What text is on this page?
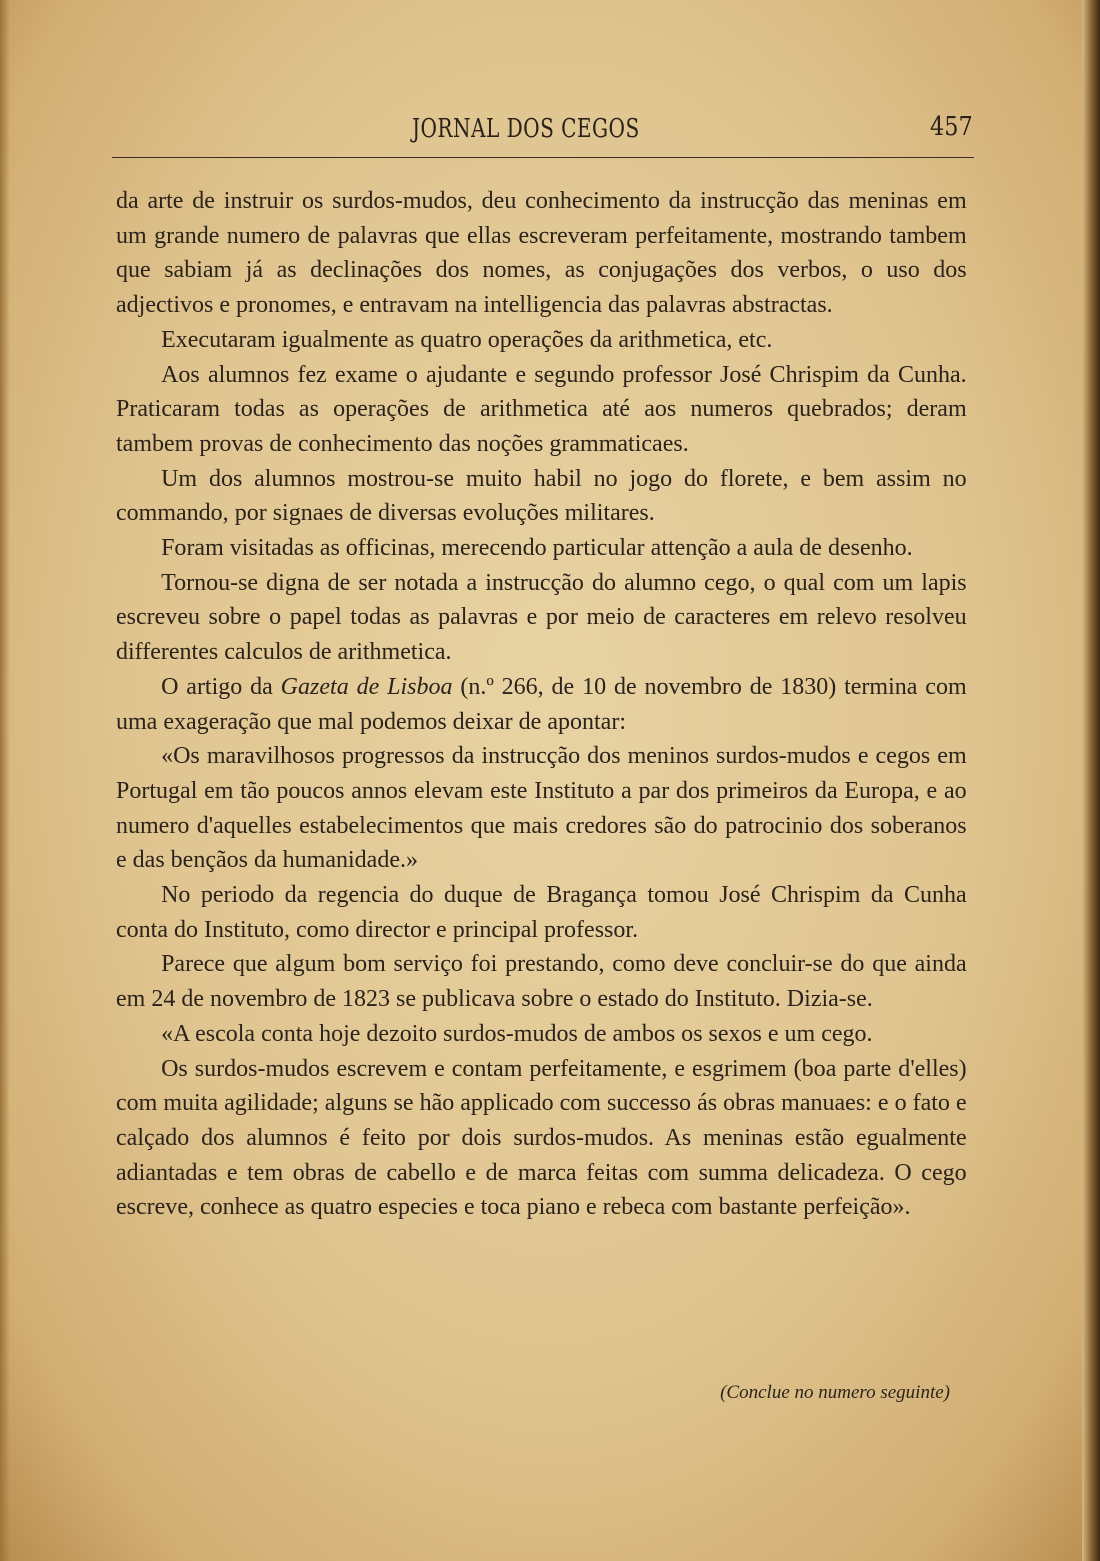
JORNAL DOS CEGOS	457

da arte de instruir os surdos-mudos, deu conhecimento da instrucção das meninas em um grande numero de palavras que ellas escreveram perfeitamente, mostrando tambem que sabiam já as declinações dos nomes, as conjugações dos verbos, o uso dos adjectivos e pronomes, e entravam na intelligencia das palavras abstractas.

Executaram igualmente as quatro operações da arithmetica, etc.

Aos alumnos fez exame o ajudante e segundo professor José Chrispim da Cunha. Praticaram todas as operações de arithmetica até aos numeros quebrados; deram tambem provas de conhecimento das noções grammaticaes.

Um dos alumnos mostrou-se muito habil no jogo do florete, e bem assim no commando, por signaes de diversas evoluções militares.

Foram visitadas as officinas, merecendo particular attenção a aula de desenho.

Tornou-se digna de ser notada a instrucção do alumno cego, o qual com um lapis escreveu sobre o papel todas as palavras e por meio de caracteres em relevo resolveu differentes calculos de arithmetica.

O artigo da Gazeta de Lisboa (n.º 266, de 10 de novembro de 1830) termina com uma exageração que mal podemos deixar de apontar:

«Os maravilhosos progressos da instrucção dos meninos surdos-mudos e cegos em Portugal em tão poucos annos elevam este Instituto a par dos primeiros da Europa, e ao numero d'aquelles estabelecimentos que mais credores são do patrocinio dos soberanos e das bençãos da humanidade.»

No periodo da regencia do duque de Bragança tomou José Chrispim da Cunha conta do Instituto, como director e principal professor.

Parece que algum bom serviço foi prestando, como deve concluir-se do que ainda em 24 de novembro de 1823 se publicava sobre o estado do Instituto. Dizia-se.

«A escola conta hoje dezoito surdos-mudos de ambos os sexos e um cego.

Os surdos-mudos escrevem e contam perfeitamente, e esgrimem (boa parte d'elles) com muita agilidade; alguns se hão applicado com successo ás obras manuaes: e o fato e calçado dos alumnos é feito por dois surdos-mudos. As meninas estão egualmente adiantadas e tem obras de cabello e de marca feitas com summa delicadeza. O cego escreve, conhece as quatro especies e toca piano e rebeca com bastante perfeição».

(Conclue no numero seguinte)
